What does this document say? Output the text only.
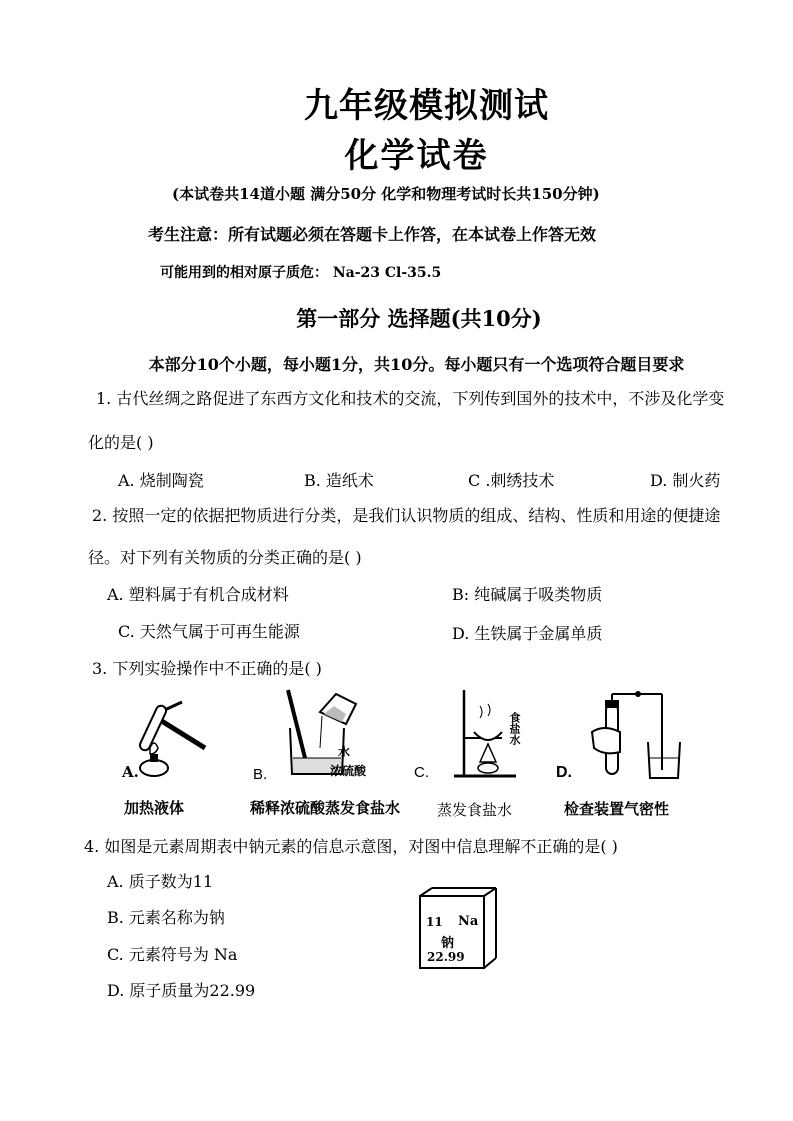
九年级模拟测试
化学试卷
(本试卷共14道小题 满分50分 化学和物理考试时长共150分钟)
考生注意：所有试题必须在答题卡上作答，在本试卷上作答无效
可能用到的相对原子质危： Na-23 Cl-35.5
第一部分 选择题(共10分)
本部分10个小题，每小题1分，共10分。每小题只有一个选项符合题目要求
1. 古代丝绸之路促进了东西方文化和技术的交流，下列传到国外的技术中，不涉及化学变
化的是( )
A. 烧制陶瓷	B. 造纸术	C .刺绣技术	D. 制火药
2. 按照一定的依据把物质进行分类，是我们认识物质的组成、结构、性质和用途的便捷途
径。对下列有关物质的分类正确的是( )
A. 塑料属于有机合成材料	B: 纯碱属于吸类物质
C. 天然气属于可再生能源	D. 生铁属于金属单质
3. 下列实验操作中不正确的是( )
A.
水
浓硫酸
B.
食盐水
C.	D.
加热液体	稀释浓硫酸蒸发食盐水 蒸发食盐水	检查装置气密性
4. 如图是元素周期表中钠元素的信息示意图，对图中信息理解不正确的是( )
A. 质子数为11
B. 元素名称为钠
C. 元素符号为 Na
D. 原子质量为22.99
11 Na
钠
22.99
